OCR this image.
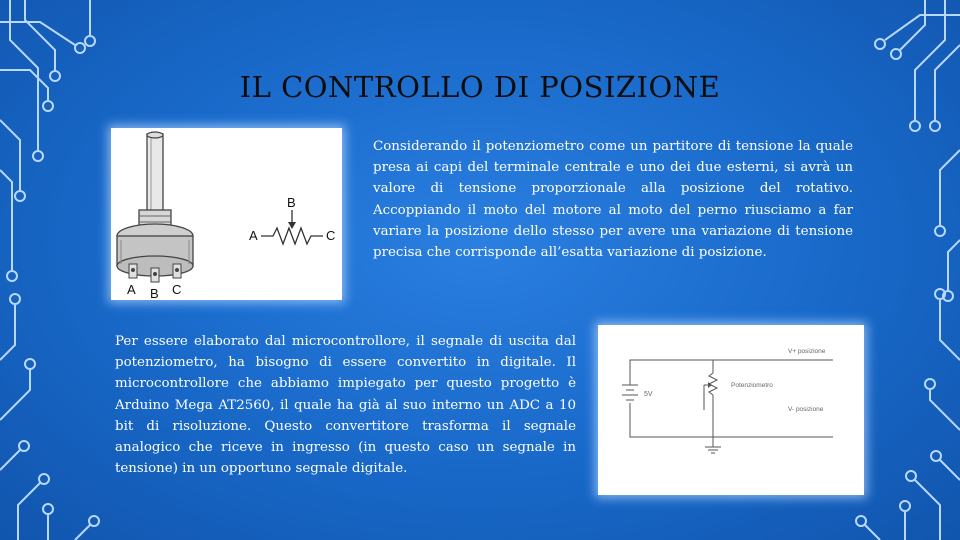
IL CONTROLLO DI POSIZIONE
A B C
A	C
B
Considerando il potenziometro come un partitore di tensione la quale presa ai capi del terminale centrale e uno dei due esterni, si avrà un valore di tensione proporzionale alla posizione del rotativo. Accoppiando il moto del motore al moto del perno riusciamo a far variare la posizione dello stesso per avere una variazione di tensione precisa che corrisponde all’esatta variazione di posizione.
Per essere elaborato dal microcontrollore, il segnale di uscita dal potenziometro, ha bisogno di essere convertito in digitale. Il microcontrollore che abbiamo impiegato per questo progetto è Arduino Mega AT2560, il quale ha già al suo interno un ADC a 10 bit di risoluzione. Questo convertitore trasforma il segnale analogico che riceve in ingresso (in questo caso un segnale in tensione) in un opportuno segnale digitale.
5V
Potenziometro
V+ posizione
V- posizione
